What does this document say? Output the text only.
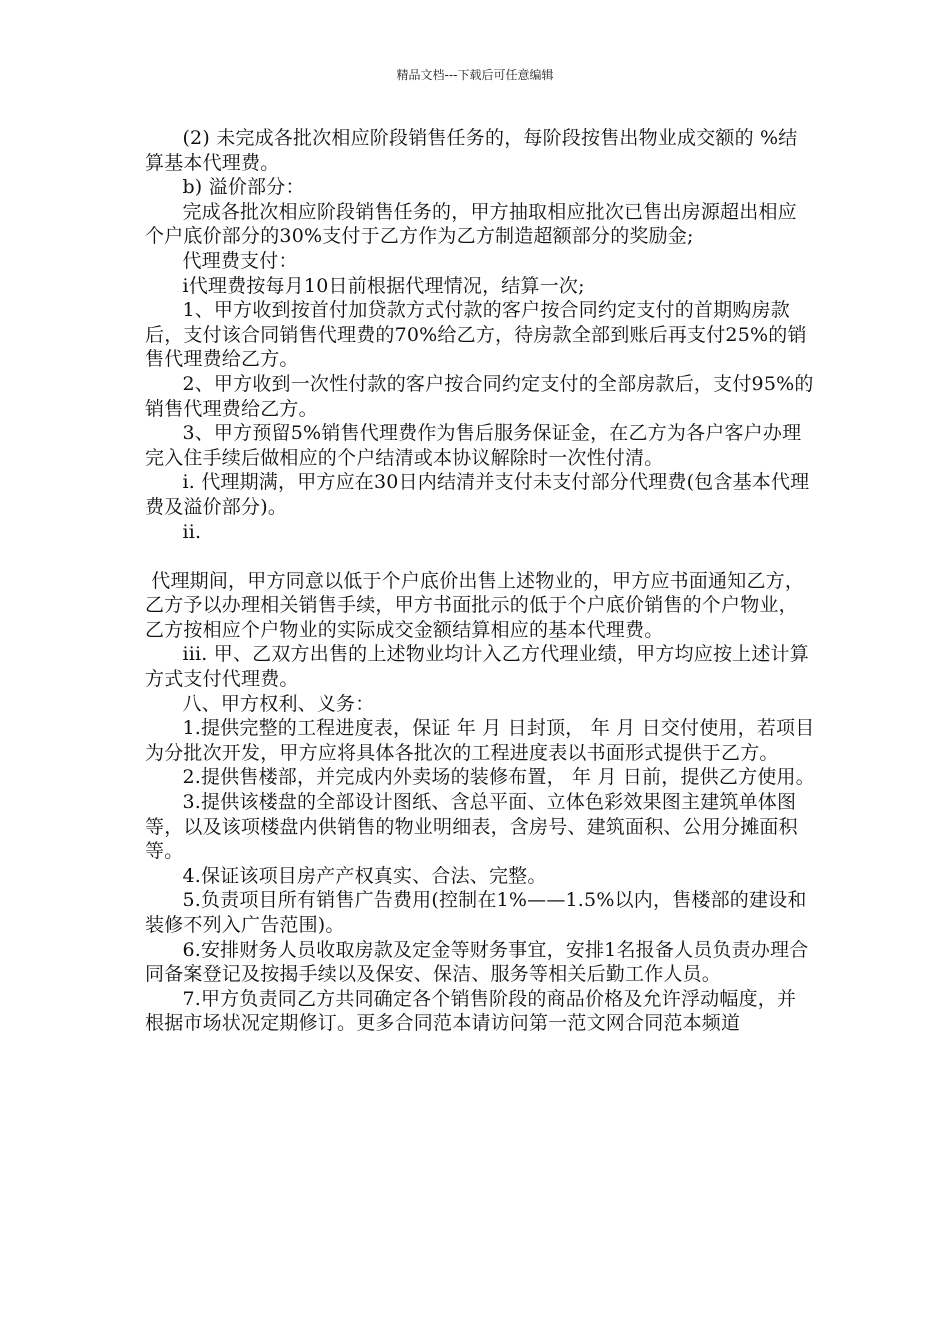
精品文档---下载后可任意编辑

(2) 未完成各批次相应阶段销售任务的，每阶段按售出物业成交额的 %结算基本代理费。

b) 溢价部分：

完成各批次相应阶段销售任务的，甲方抽取相应批次已售出房源超出相应个户底价部分的30%支付于乙方作为乙方制造超额部分的奖励金;

代理费支付：

i代理费按每月10日前根据代理情况，结算一次;

1、甲方收到按首付加贷款方式付款的客户按合同约定支付的首期购房款后，支付该合同销售代理费的70%给乙方，待房款全部到账后再支付25%的销售代理费给乙方。

2、甲方收到一次性付款的客户按合同约定支付的全部房款后，支付95%的销售代理费给乙方。

3、甲方预留5%销售代理费作为售后服务保证金，在乙方为各户客户办理完入住手续后做相应的个户结清或本协议解除时一次性付清。

i. 代理期满，甲方应在30日内结清并支付未支付部分代理费(包含基本代理费及溢价部分)。

ii.

代理期间，甲方同意以低于个户底价出售上述物业的，甲方应书面通知乙方，乙方予以办理相关销售手续，甲方书面批示的低于个户底价销售的个户物业，乙方按相应个户物业的实际成交金额结算相应的基本代理费。

iii. 甲、乙双方出售的上述物业均计入乙方代理业绩，甲方均应按上述计算方式支付代理费。

八、甲方权利、义务：

1.提供完整的工程进度表，保证 年 月 日封顶， 年 月 日交付使用，若项目为分批次开发，甲方应将具体各批次的工程进度表以书面形式提供于乙方。

2.提供售楼部，并完成内外卖场的装修布置， 年 月 日前，提供乙方使用。

3.提供该楼盘的全部设计图纸、含总平面、立体色彩效果图主建筑单体图等，以及该项楼盘内供销售的物业明细表，含房号、建筑面积、公用分摊面积等。

4.保证该项目房产产权真实、合法、完整。

5.负责项目所有销售广告费用(控制在1%——1.5%以内，售楼部的建设和装修不列入广告范围)。

6.安排财务人员收取房款及定金等财务事宜，安排1名报备人员负责办理合同备案登记及按揭手续以及保安、保洁、服务等相关后勤工作人员。

7.甲方负责同乙方共同确定各个销售阶段的商品价格及允许浮动幅度，并根据市场状况定期修订。更多合同范本请访问第一范文网合同范本频道
